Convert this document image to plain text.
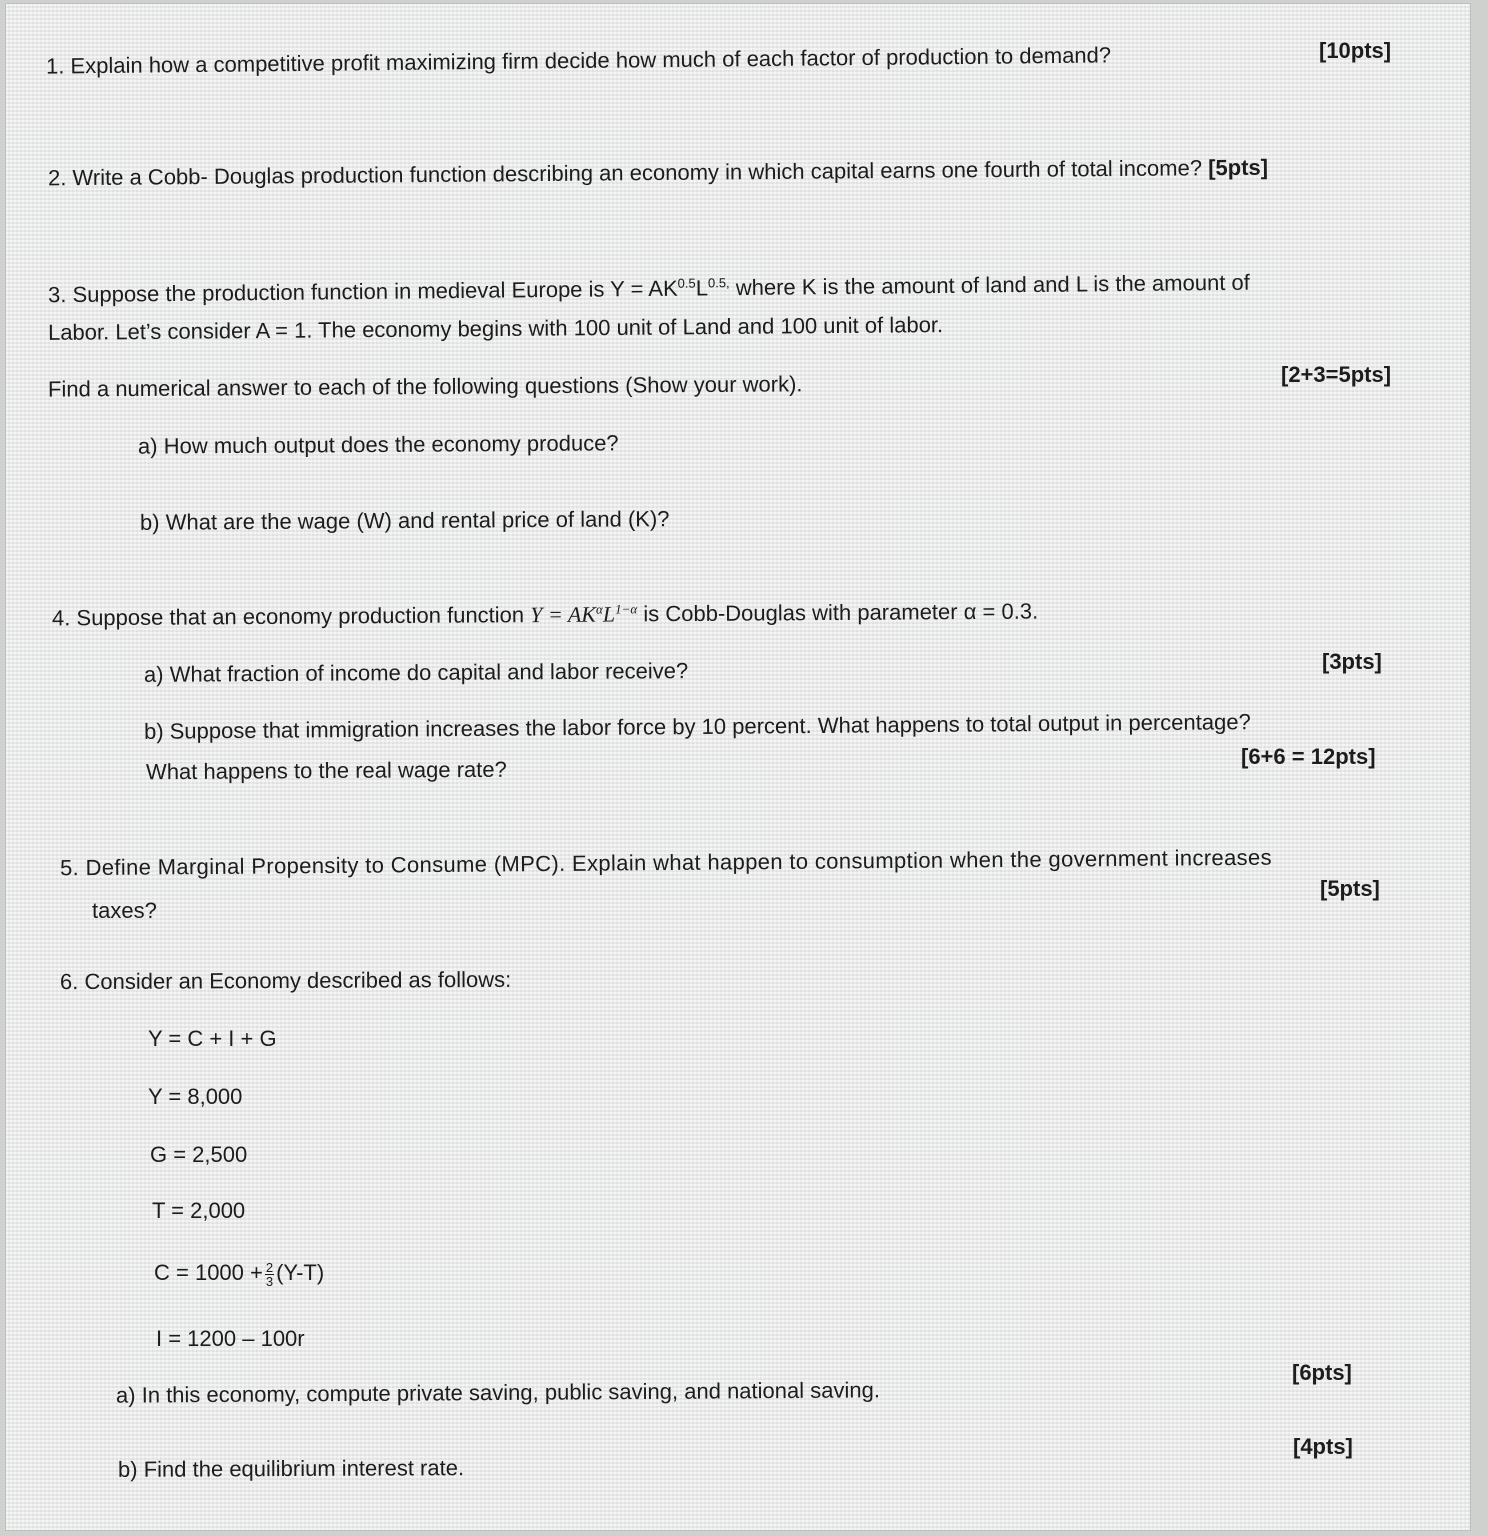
1. Explain how a competitive profit maximizing firm decide how much of each factor of production to demand?	[10pts]
2. Write a Cobb- Douglas production function describing an economy in which capital earns one fourth of total income? [5pts]
3. Suppose the production function in medieval Europe is $Y = AK^{0.5}L^{0.5,}$ where K is the amount of land and L is the amount of
Labor. Let’s consider A = 1. The economy begins with 100 unit of Land and 100 unit of labor.
Find a numerical answer to each of the following questions (Show your work).	[2+3=5pts]
a) How much output does the economy produce?
b) What are the wage (W) and rental price of land (K)?
4. Suppose that an economy production function $Y = AK^\alpha L^{1-\alpha}$ is Cobb-Douglas with parameter α = 0.3.
a) What fraction of income do capital and labor receive?	[3pts]
b) Suppose that immigration increases the labor force by 10 percent. What happens to total output in percentage?
What happens to the real wage rate?
[6+6 = 12pts]
5. Define Marginal Propensity to Consume (MPC). Explain what happen to consumption when the government increases
taxes?
[5pts]
6. Consider an Economy described as follows:
Y = C + I + G
Y = 8,000
G = 2,500
T = 2,000
$C = 1000 + \frac{2}{3} (Y-T)$
I = 1200 – 100r
a) In this economy, compute private saving, public saving, and national saving.
[6pts]
b) Find the equilibrium interest rate.
[4pts]
